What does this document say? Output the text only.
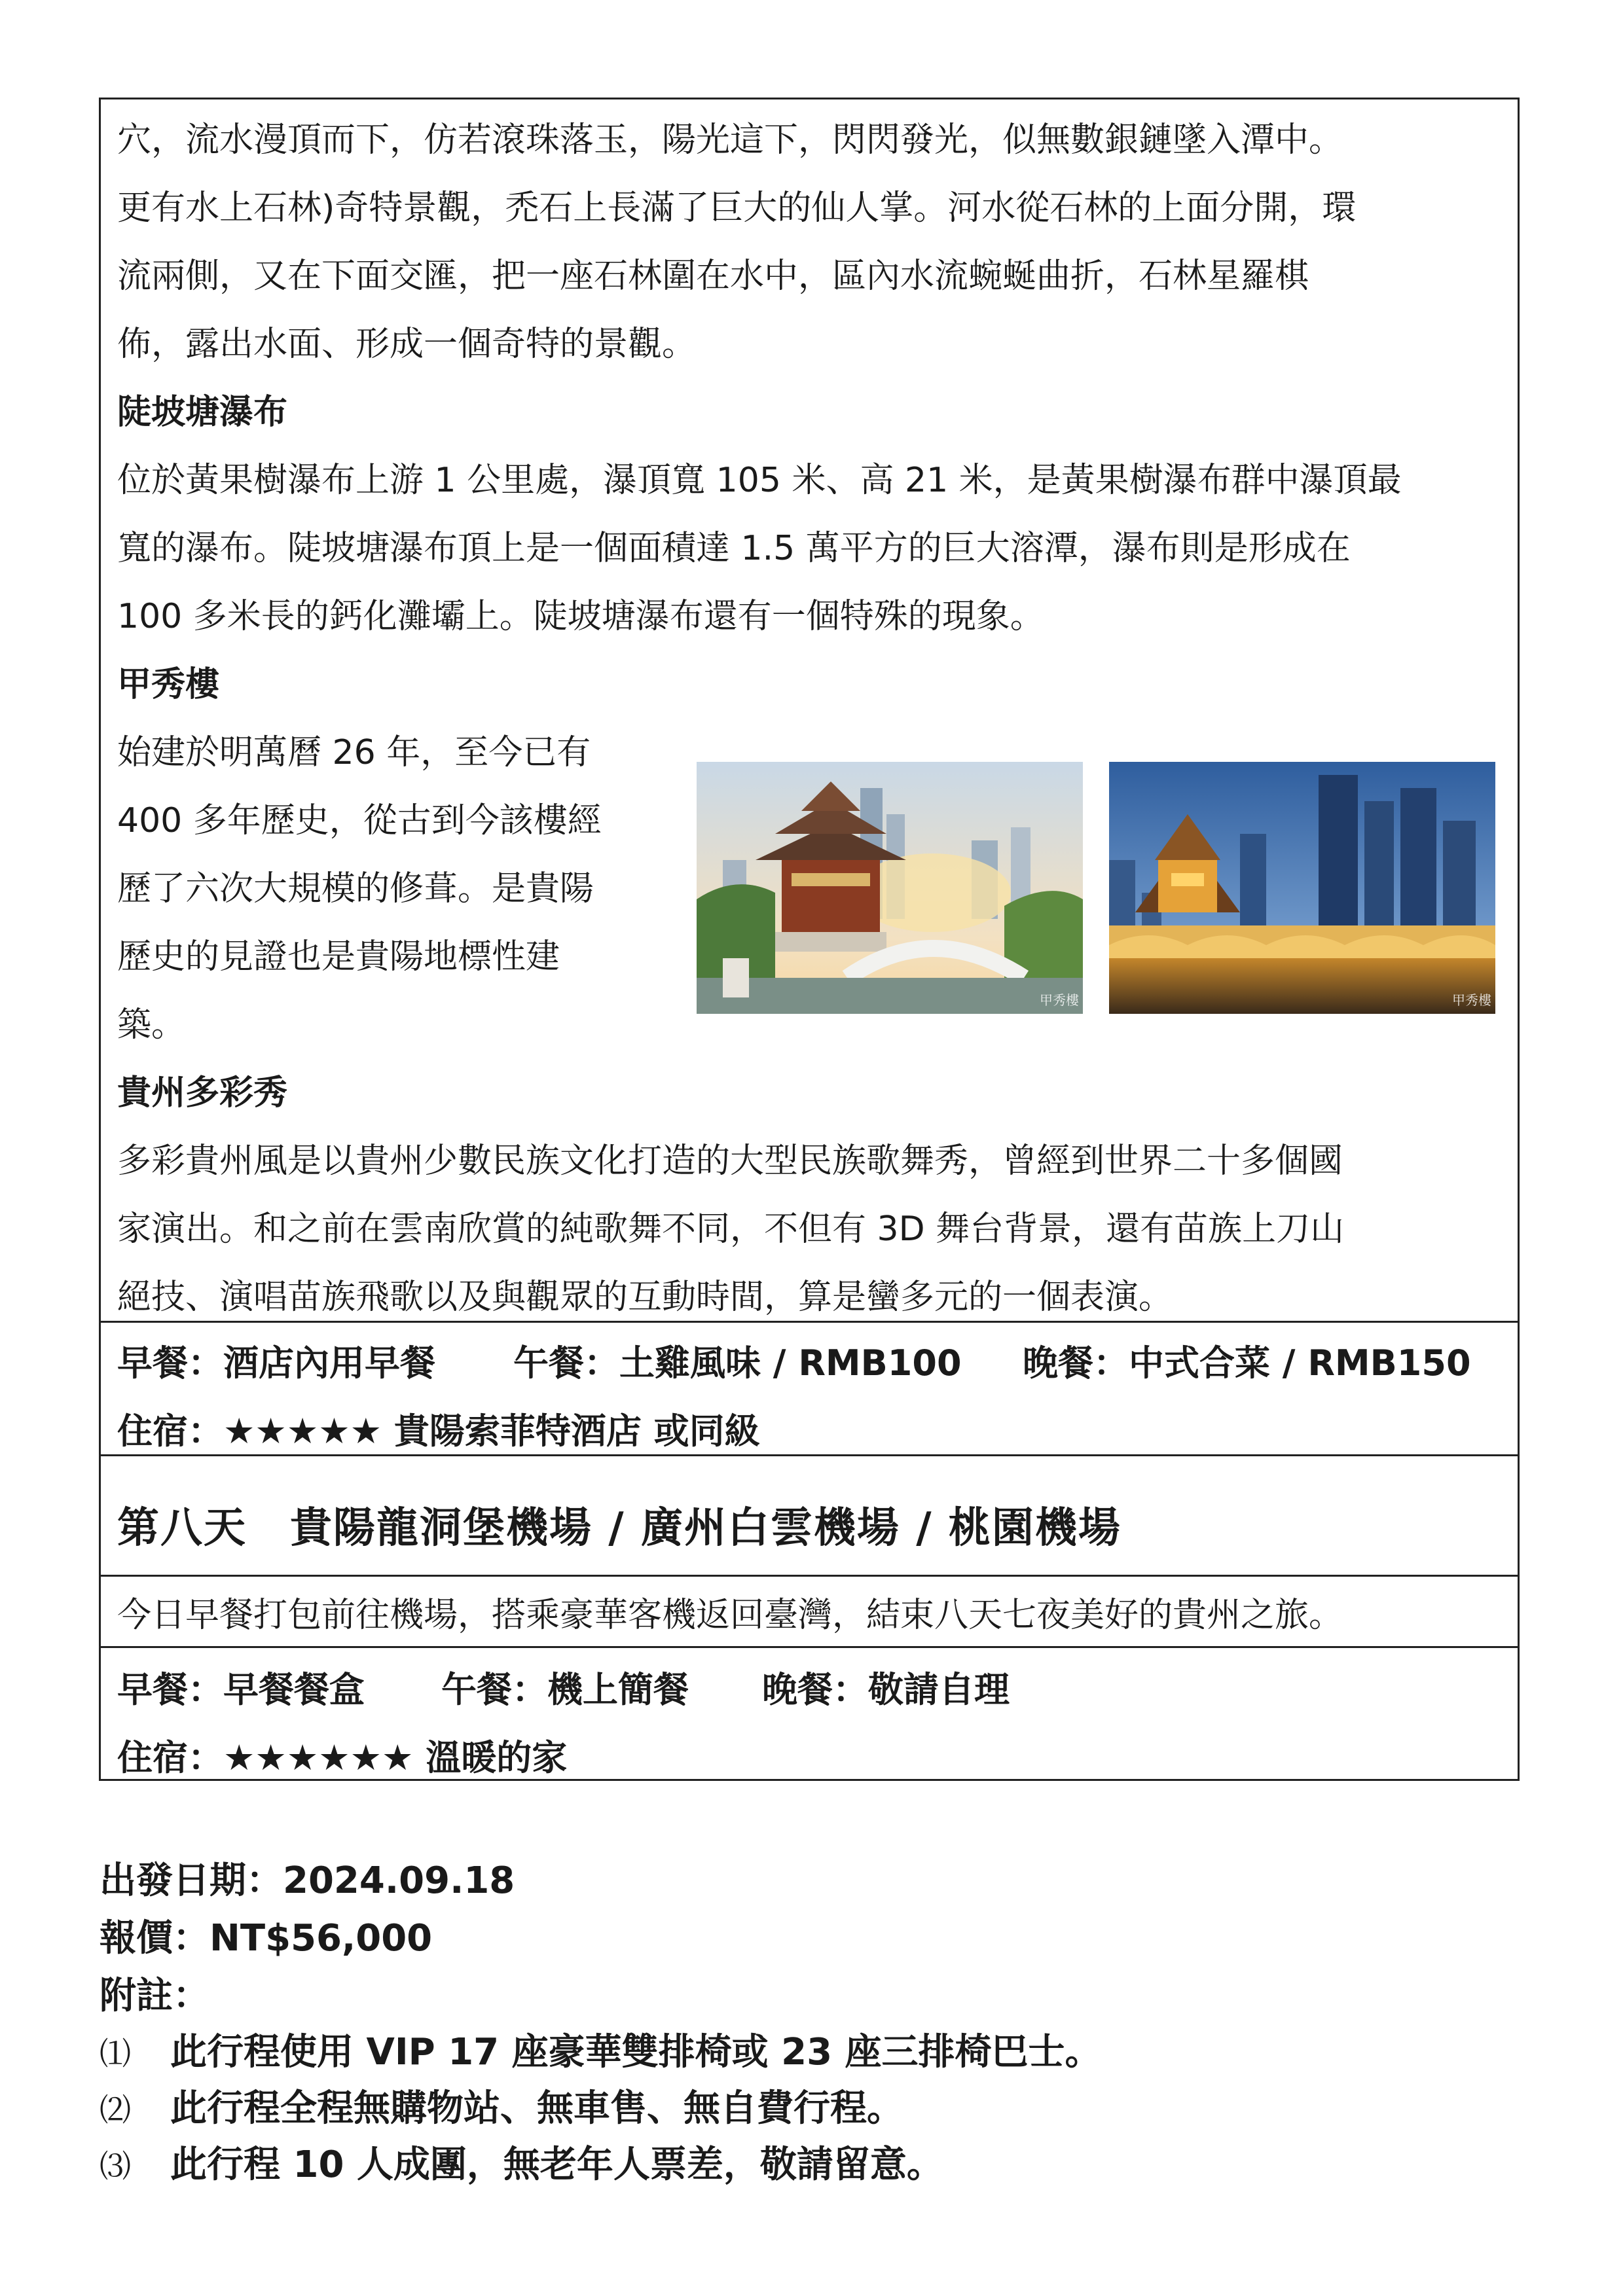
穴，流水漫頂而下，仿若滾珠落玉，陽光這下，閃閃發光，似無數銀鏈墜入潭中。
更有水上石林)奇特景觀，禿石上長滿了巨大的仙人掌。河水從石林的上面分開，環
流兩側，又在下面交匯，把一座石林圍在水中，區內水流蜿蜒曲折，石林星羅棋
佈，露出水面、形成一個奇特的景觀。
陡坡塘瀑布
位於黃果樹瀑布上游 1 公里處，瀑頂寬 105 米、高 21 米，是黃果樹瀑布群中瀑頂最
寬的瀑布。陡坡塘瀑布頂上是一個面積達 1.5 萬平方的巨大溶潭，瀑布則是形成在
100 多米長的鈣化灘壩上。陡坡塘瀑布還有一個特殊的現象。
甲秀樓
始建於明萬曆 26 年，至今已有
400 多年歷史，從古到今該樓經
歷了六次大規模的修葺。是貴陽
歷史的見證也是貴陽地標性建
築。
甲秀樓	甲秀樓
貴州多彩秀
多彩貴州風是以貴州少數民族文化打造的大型民族歌舞秀，曾經到世界二十多個國
家演出。和之前在雲南欣賞的純歌舞不同，不但有 3D 舞台背景，還有苗族上刀山
絕技、演唱苗族飛歌以及與觀眾的互動時間，算是蠻多元的一個表演。
早餐：酒店內用早餐 午餐：土雞風味 / RMB100 晚餐：中式合菜 / RMB150
住宿：★★★★★ 貴陽索菲特酒店 或同級
第八天　貴陽龍洞堡機場 / 廣州白雲機場 / 桃園機場
今日早餐打包前往機場，搭乘豪華客機返回臺灣，結束八天七夜美好的貴州之旅。
早餐：早餐餐盒 午餐：機上簡餐 晚餐：敬請自理
住宿：★★★★★★ 溫暖的家
出發日期：2024.09.18
報價：NT$56,000
附註：
⑴ 此行程使用 VIP 17 座豪華雙排椅或 23 座三排椅巴士。
⑵ 此行程全程無購物站、無車售、無自費行程。
⑶ 此行程 10 人成團，無老年人票差，敬請留意。
